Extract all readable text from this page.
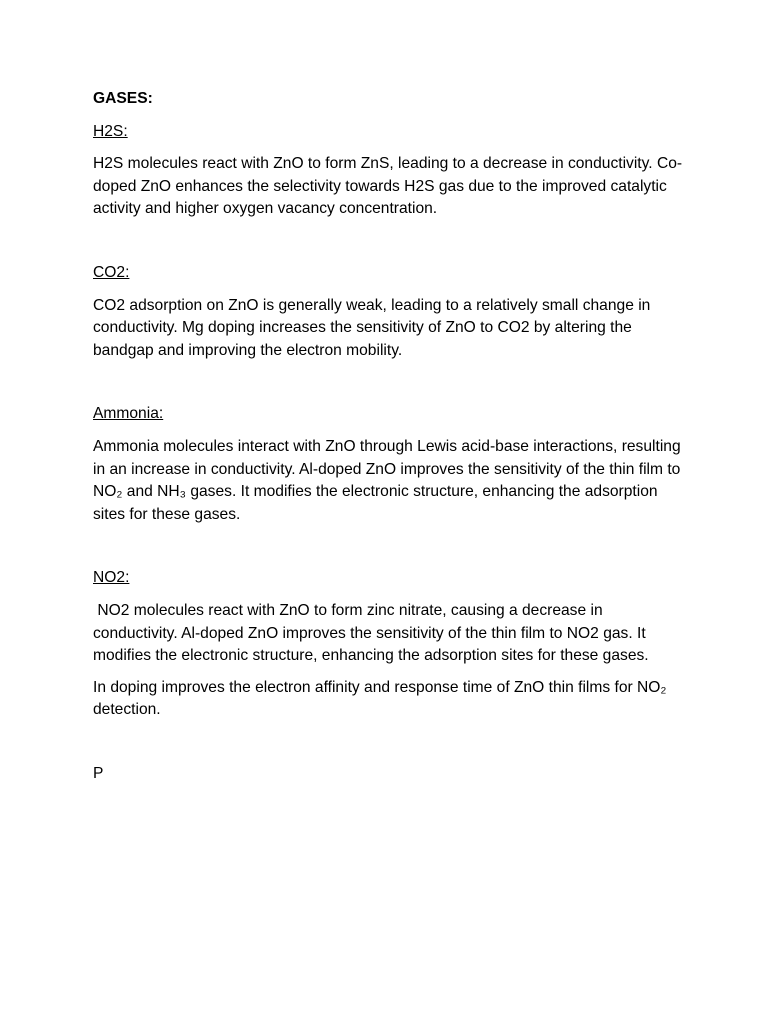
GASES:

H2S:

H2S molecules react with ZnO to form ZnS, leading to a decrease in conductivity. Co-doped ZnO enhances the selectivity towards H2S gas due to the improved catalytic activity and higher oxygen vacancy concentration.

CO2:

CO2 adsorption on ZnO is generally weak, leading to a relatively small change in conductivity. Mg doping increases the sensitivity of ZnO to CO2 by altering the bandgap and improving the electron mobility.

Ammonia:

Ammonia molecules interact with ZnO through Lewis acid-base interactions, resulting in an increase in conductivity. Al-doped ZnO improves the sensitivity of the thin film to NO₂ and NH₃ gases. It modifies the electronic structure, enhancing the adsorption sites for these gases.

NO2:

NO2 molecules react with ZnO to form zinc nitrate, causing a decrease in conductivity. Al-doped ZnO improves the sensitivity of the thin film to NO2 gas. It modifies the electronic structure, enhancing the adsorption sites for these gases.

In doping improves the electron affinity and response time of ZnO thin films for NO₂ detection.

P
